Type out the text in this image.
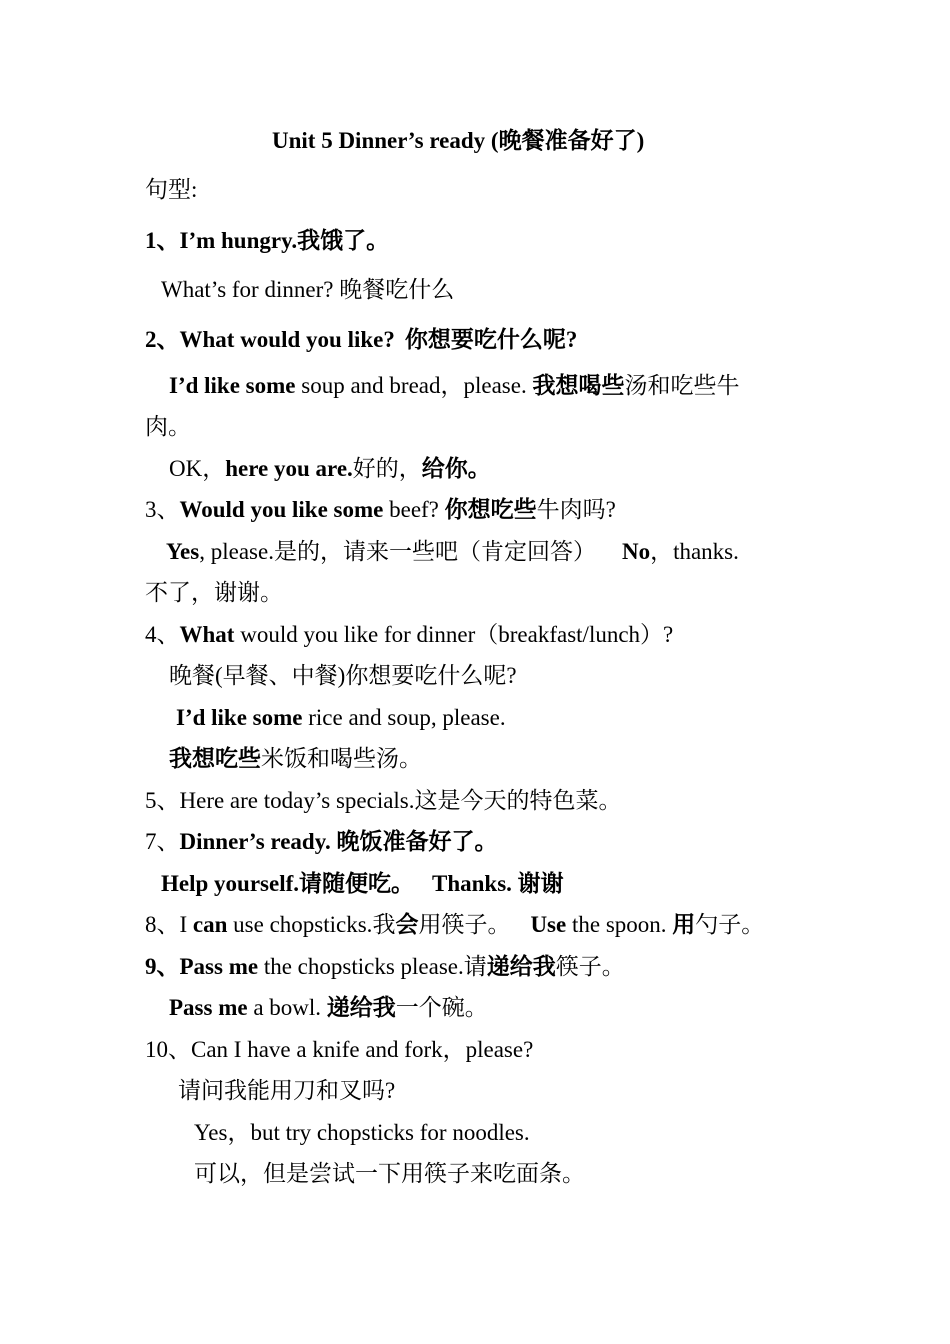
Unit 5 Dinner’s ready (晚餐准备好了)
句型:
1、I’m hungry.我饿了。
What’s for dinner? 晚餐吃什么
2、What would you like? 你想要吃什么呢?
I’d like some soup and bread，please. 我想喝些汤和吃些牛
肉。
OK，here you are.好的，给你。
3、Would you like some beef? 你想吃些牛肉吗?
Yes, please.是的，请来一些吧（肯定回答） No，thanks.
不了，谢谢。
4、What would you like for dinner（breakfast/lunch）?
晚餐(早餐、中餐)你想要吃什么呢?
I’d like some rice and soup, please.
我想吃些米饭和喝些汤。
5、Here are today’s specials.这是今天的特色菜。
7、Dinner’s ready. 晚饭准备好了。
Help yourself.请随便吃。 Thanks. 谢谢
8、I can use chopsticks.我会用筷子。 Use the spoon. 用勺子。
9、Pass me the chopsticks please.请递给我筷子。
Pass me a bowl. 递给我一个碗。
10、Can I have a knife and fork，please?
请问我能用刀和叉吗?
Yes，but try chopsticks for noodles.
可以，但是尝试一下用筷子来吃面条。
